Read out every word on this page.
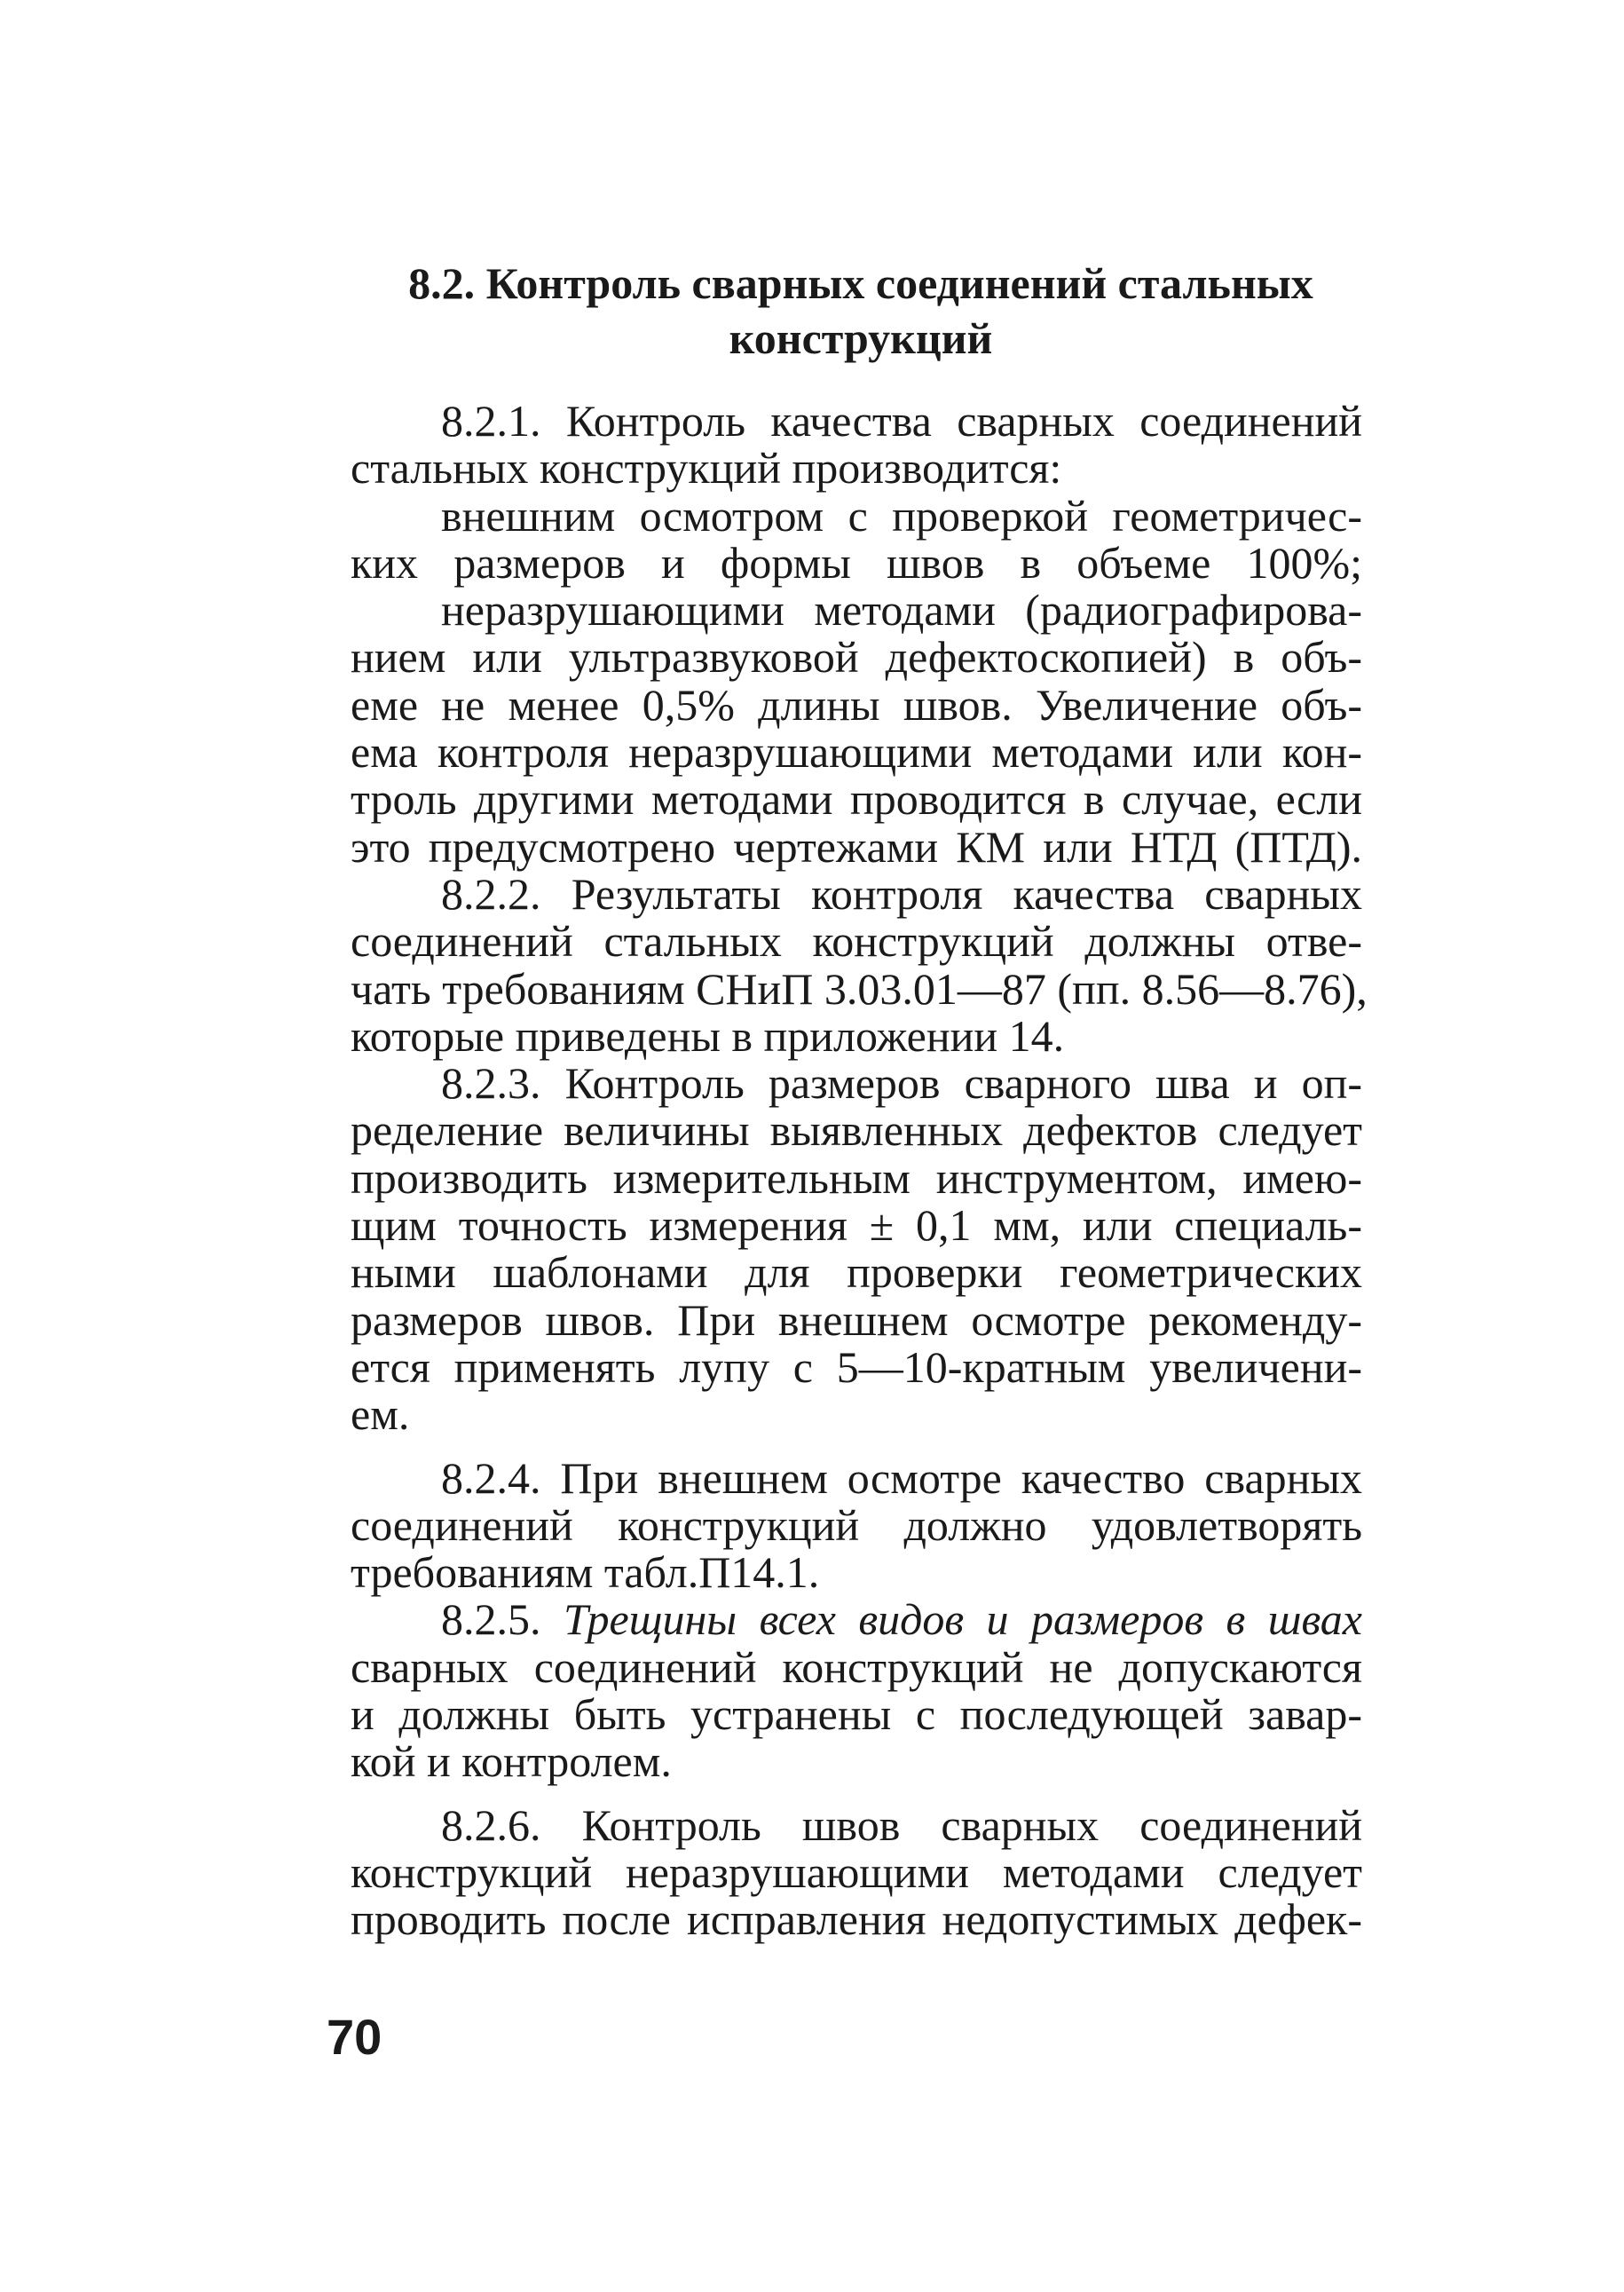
8.2. Контроль сварных соединений стальных
конструкций
8.2.1. Контроль качества сварных соединений
стальных конструкций производится:
внешним осмотром с проверкой геометричес-
ких размеров и формы швов в объеме 100%;
неразрушающими методами (радиографирова-
нием или ультразвуковой дефектоскопией) в объ-
еме не менее 0,5% длины швов. Увеличение объ-
ема контроля неразрушающими методами или кон-
троль другими методами проводится в случае, если
это предусмотрено чертежами КМ или НТД (ПТД).
8.2.2. Результаты контроля качества сварных
соединений стальных конструкций должны отве-
чать требованиям СНиП 3.03.01—87 (пп. 8.56—8.76),
которые приведены в приложении 14.
8.2.3. Контроль размеров сварного шва и оп-
ределение величины выявленных дефектов следует
производить измерительным инструментом, имею-
щим точность измерения ± 0,1 мм, или специаль-
ными шаблонами для проверки геометрических
размеров швов. При внешнем осмотре рекоменду-
ется применять лупу с 5—10-кратным увеличени-
ем.
8.2.4. При внешнем осмотре качество сварных
соединений конструкций должно удовлетворять
требованиям табл.П14.1.
8.2.5. Трещины всех видов и размеров в швах
сварных соединений конструкций не допускаются
и должны быть устранены с последующей завар-
кой и контролем.
8.2.6. Контроль швов сварных соединений
конструкций неразрушающими методами следует
проводить после исправления недопустимых дефек-
70
